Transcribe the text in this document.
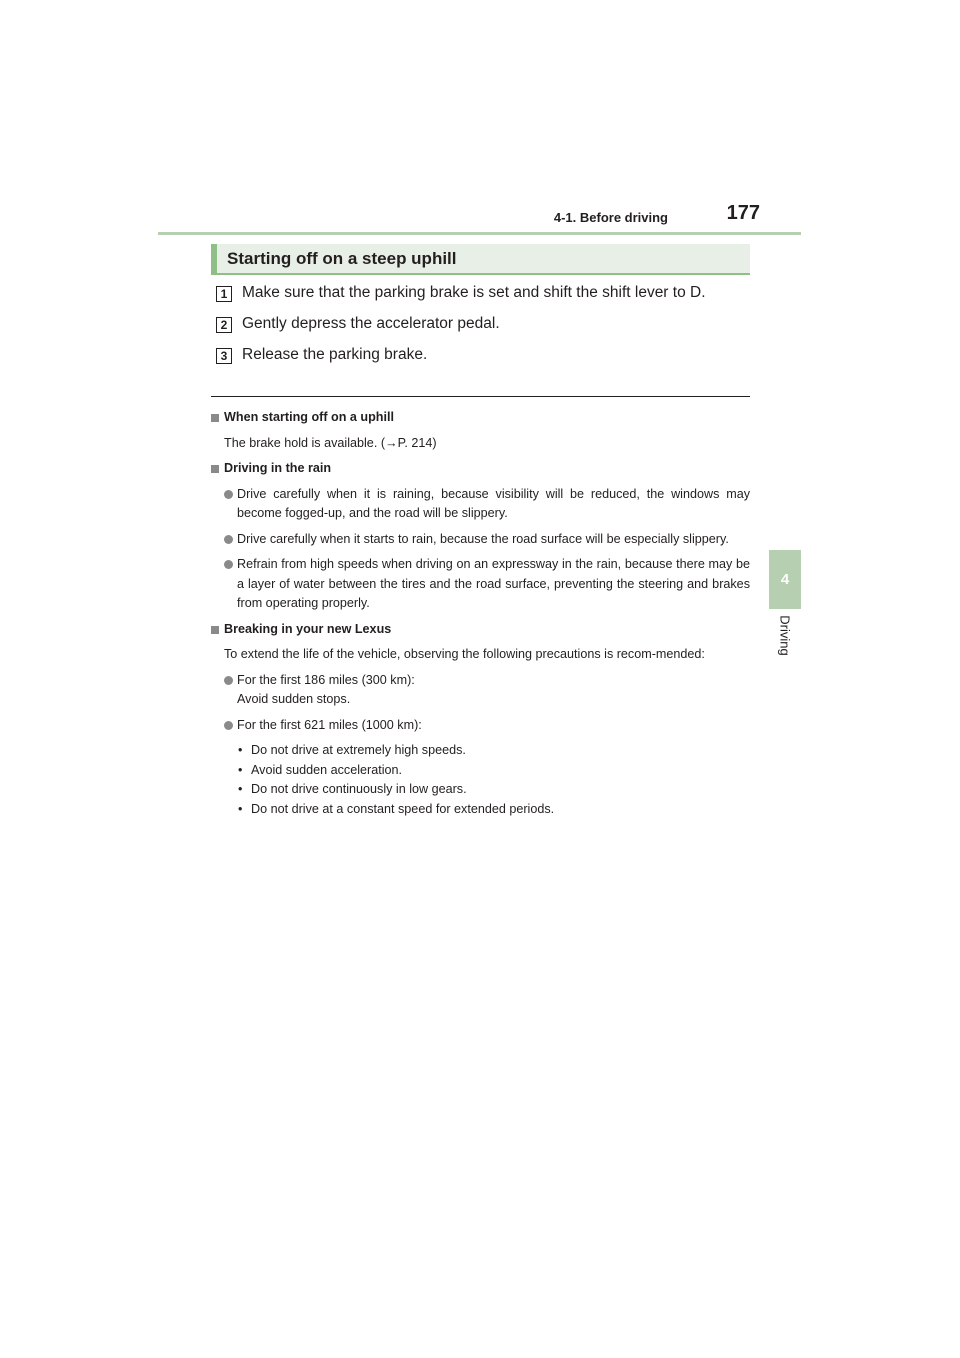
4-1. Before driving	177
4
Driving
Starting off on a steep uphill
1 Make sure that the parking brake is set and shift the shift lever to D.
2 Gently depress the accelerator pedal.
3 Release the parking brake.
When starting off on a uphill
The brake hold is available. (→P. 214)
Driving in the rain
Drive carefully when it is raining, because visibility will be reduced, the windows may become fogged-up, and the road will be slippery.
Drive carefully when it starts to rain, because the road surface will be especially slippery.
Refrain from high speeds when driving on an expressway in the rain, because there may be a layer of water between the tires and the road surface, preventing the steering and brakes from operating properly.
Breaking in your new Lexus
To extend the life of the vehicle, observing the following precautions is recom-mended:
For the first 186 miles (300 km):
Avoid sudden stops.
For the first 621 miles (1000 km):
• Do not drive at extremely high speeds.
• Avoid sudden acceleration.
• Do not drive continuously in low gears.
• Do not drive at a constant speed for extended periods.
